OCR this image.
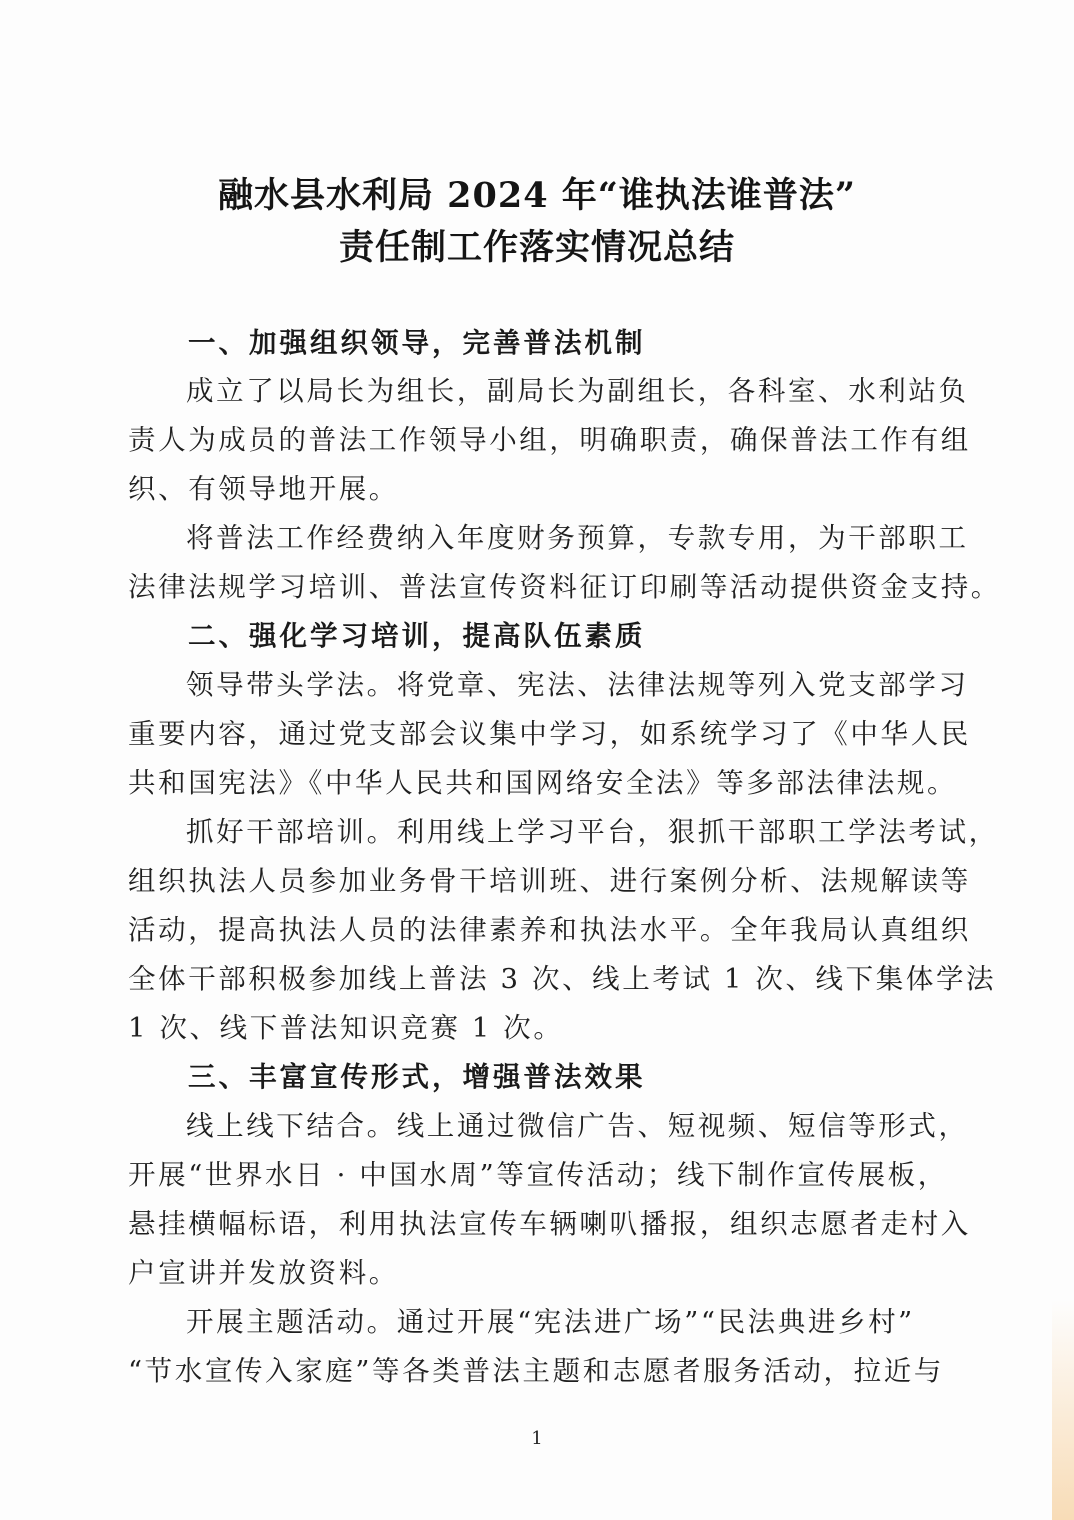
融水县水利局 2024 年“谁执法谁普法”
责任制工作落实情况总结
一、加强组织领导，完善普法机制
成立了以局长为组长，副局长为副组长，各科室、水利站负
责人为成员的普法工作领导小组，明确职责，确保普法工作有组
织、有领导地开展。
将普法工作经费纳入年度财务预算，专款专用，为干部职工
法律法规学习培训、普法宣传资料征订印刷等活动提供资金支持。
二、强化学习培训，提高队伍素质
领导带头学法。将党章、宪法、法律法规等列入党支部学习
重要内容，通过党支部会议集中学习，如系统学习了《中华人民
共和国宪法》《中华人民共和国网络安全法》等多部法律法规。
抓好干部培训。利用线上学习平台，狠抓干部职工学法考试，
组织执法人员参加业务骨干培训班、进行案例分析、法规解读等
活动，提高执法人员的法律素养和执法水平。全年我局认真组织
全体干部积极参加线上普法 3 次、线上考试 1 次、线下集体学法
1 次、线下普法知识竞赛 1 次。
三、丰富宣传形式，增强普法效果
线上线下结合。线上通过微信广告、短视频、短信等形式，
开展“世界水日 · 中国水周”等宣传活动；线下制作宣传展板，
悬挂横幅标语，利用执法宣传车辆喇叭播报，组织志愿者走村入
户宣讲并发放资料。
开展主题活动。通过开展“宪法进广场”“民法典进乡村”
“节水宣传入家庭”等各类普法主题和志愿者服务活动，拉近与
1
